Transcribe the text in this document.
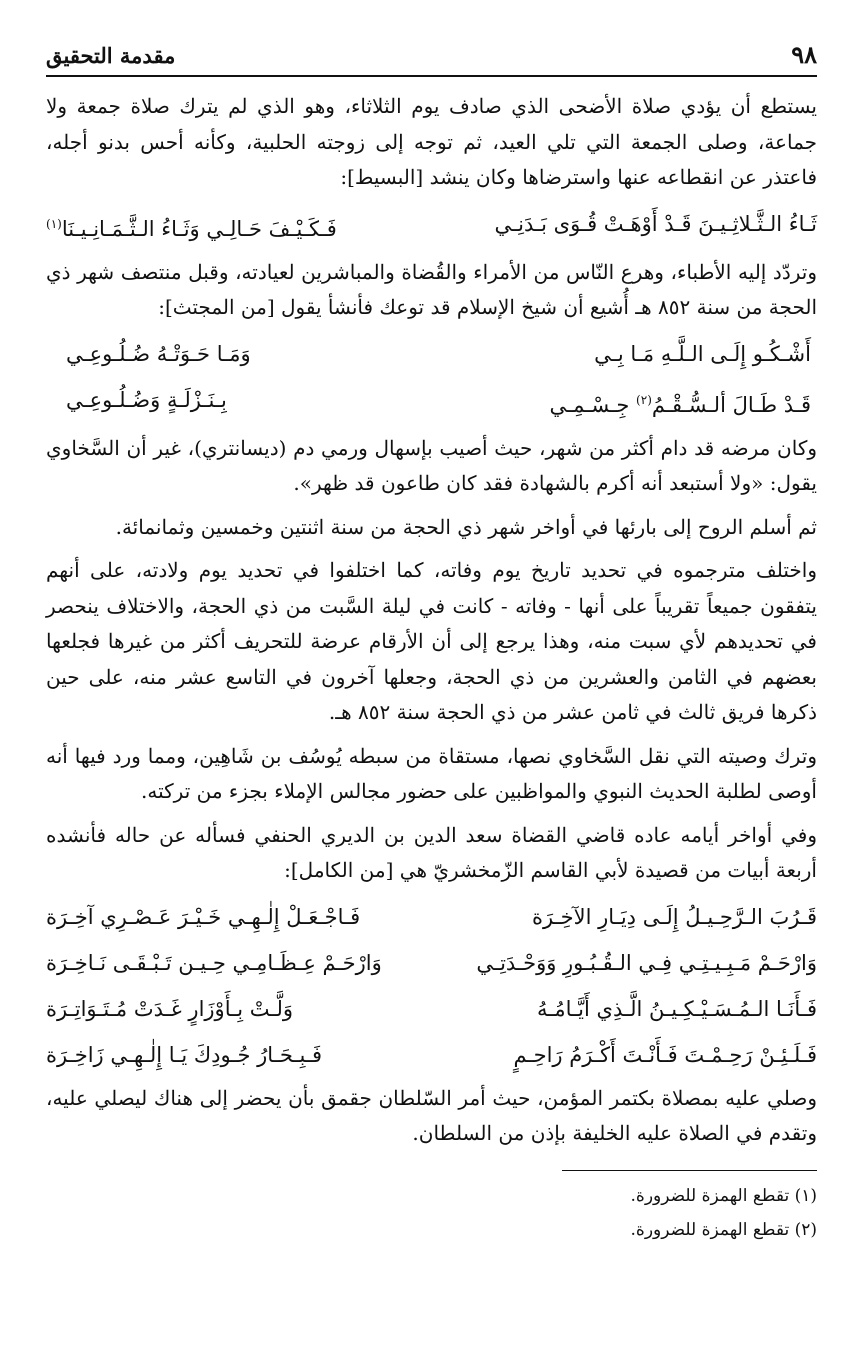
٩٨
مقدمة التحقيق

يستطع أن يؤدي صلاة الأضحى الذي صادف يوم الثلاثاء، وهو الذي لم يترك صلاة جمعة ولا جماعة، وصلى الجمعة التي تلي العيد، ثم توجه إلى زوجته الحلبية، وكأنه أحس بدنو أجله، فاعتذر عن انقطاعه عنها واسترضاها وكان ينشد [البسيط]:

ثَـاءُ الـثَّـلاثِـيـنَ قَـدْ أَوْهَـتْ قُـوَى بَـدَنِـي
فَـكَـيْـفَ حَـالِـي وَثَـاءُ الـثَّـمَـانِـيـنَا$^{(١)}$

وتردّد إليه الأطباء، وهرع النّاس من الأمراء والقُضاة والمباشرين لعيادته، وقبل منتصف شهر ذي الحجة من سنة ٨٥٢ هـ أُشيع أن شيخ الإسلام قد توعك فأنشأ يقول [من المجتث]:

أَشْـكُـو إِلَـى الـلَّـهِ مَـا بِـي
وَمَـا حَـوَتْـهُ ضُـلُـوعِـي
قَـدْ طَـالَ ألـسُّـقْـمُ$^{(٢)}$ جِـسْـمِـي
بِـنَـزْلَـةٍ وَضُـلُـوعِـي

وكان مرضه قد دام أكثر من شهر، حيث أصيب بإسهال ورمي دم (ديسانتري)، غير أن السَّخاوي يقول: «ولا أستبعد أنه أكرم بالشهادة فقد كان طاعون قد ظهر».

ثم أسلم الروح إلى بارئها في أواخر شهر ذي الحجة من سنة اثنتين وخمسين وثمانمائة.

واختلف مترجموه في تحديد تاريخ يوم وفاته، كما اختلفوا في تحديد يوم ولادته، على أنهم يتفقون جميعاً تقريباً على أنها - وفاته - كانت في ليلة السَّبت من ذي الحجة، والاختلاف ينحصر في تحديدهم لأي سبت منه، وهذا يرجع إلى أن الأرقام عرضة للتحريف أكثر من غيرها فجلعها بعضهم في الثامن والعشرين من ذي الحجة، وجعلها آخرون في التاسع عشر منه، على حين ذكرها فريق ثالث في ثامن عشر من ذي الحجة سنة ٨٥٢ هـ.

وترك وصيته التي نقل السَّخاوي نصها، مستقاة من سبطه يُوسُف بن شَاهِين، ومما ورد فيها أنه أوصى لطلبة الحديث النبوي والمواظبين على حضور مجالس الإملاء بجزء من تركته.

وفي أواخر أيامه عاده قاضي القضاة سعد الدين بن الديري الحنفي فسأله عن حاله فأنشده أربعة أبيات من قصيدة لأبي القاسم الزّمخشريّ هي [من الكامل]:

قَـرُبَ الـرَّحِـيـلُ إِلَـى دِيَـارِ الآخِـرَة
فَـاجْـعَـلْ إِلٰـهِـي خَـيْـرَ عَـصْـرِي آخِـرَة
وَارْحَـمْ مَـبِـيـتِـي فِـي الـقُـبُـورِ وَوَحْـدَتِـي
وَارْحَـمْ عِـظَـامِـي حِـيـن تَـبْـقَـى نَـاخِـرَة
فَـأَنَـا الـمُـسَـيْـكِـيـنُ الَّـذِي أَيَّـامُـهُ
وَلَّـتْ بِـأَوْزَارٍ غَـدَتْ مُـتَـوَاتِـرَة
فَـلَـئِـنْ رَحِـمْـتَ فَـأَنْـتَ أَكْـرَمُ رَاحِـمٍ
فَـبِـحَـارُ جُـودِكَ يَـا إِلٰـهِـي زَاخِـرَة

وصلي عليه بمصلاة بكتمر المؤمن، حيث أمر السّلطان جقمق بأن يحضر إلى هناك ليصلي عليه، وتقدم في الصلاة عليه الخليفة بإذن من السلطان.

(١) تقطع الهمزة للضرورة.

(٢) تقطع الهمزة للضرورة.
